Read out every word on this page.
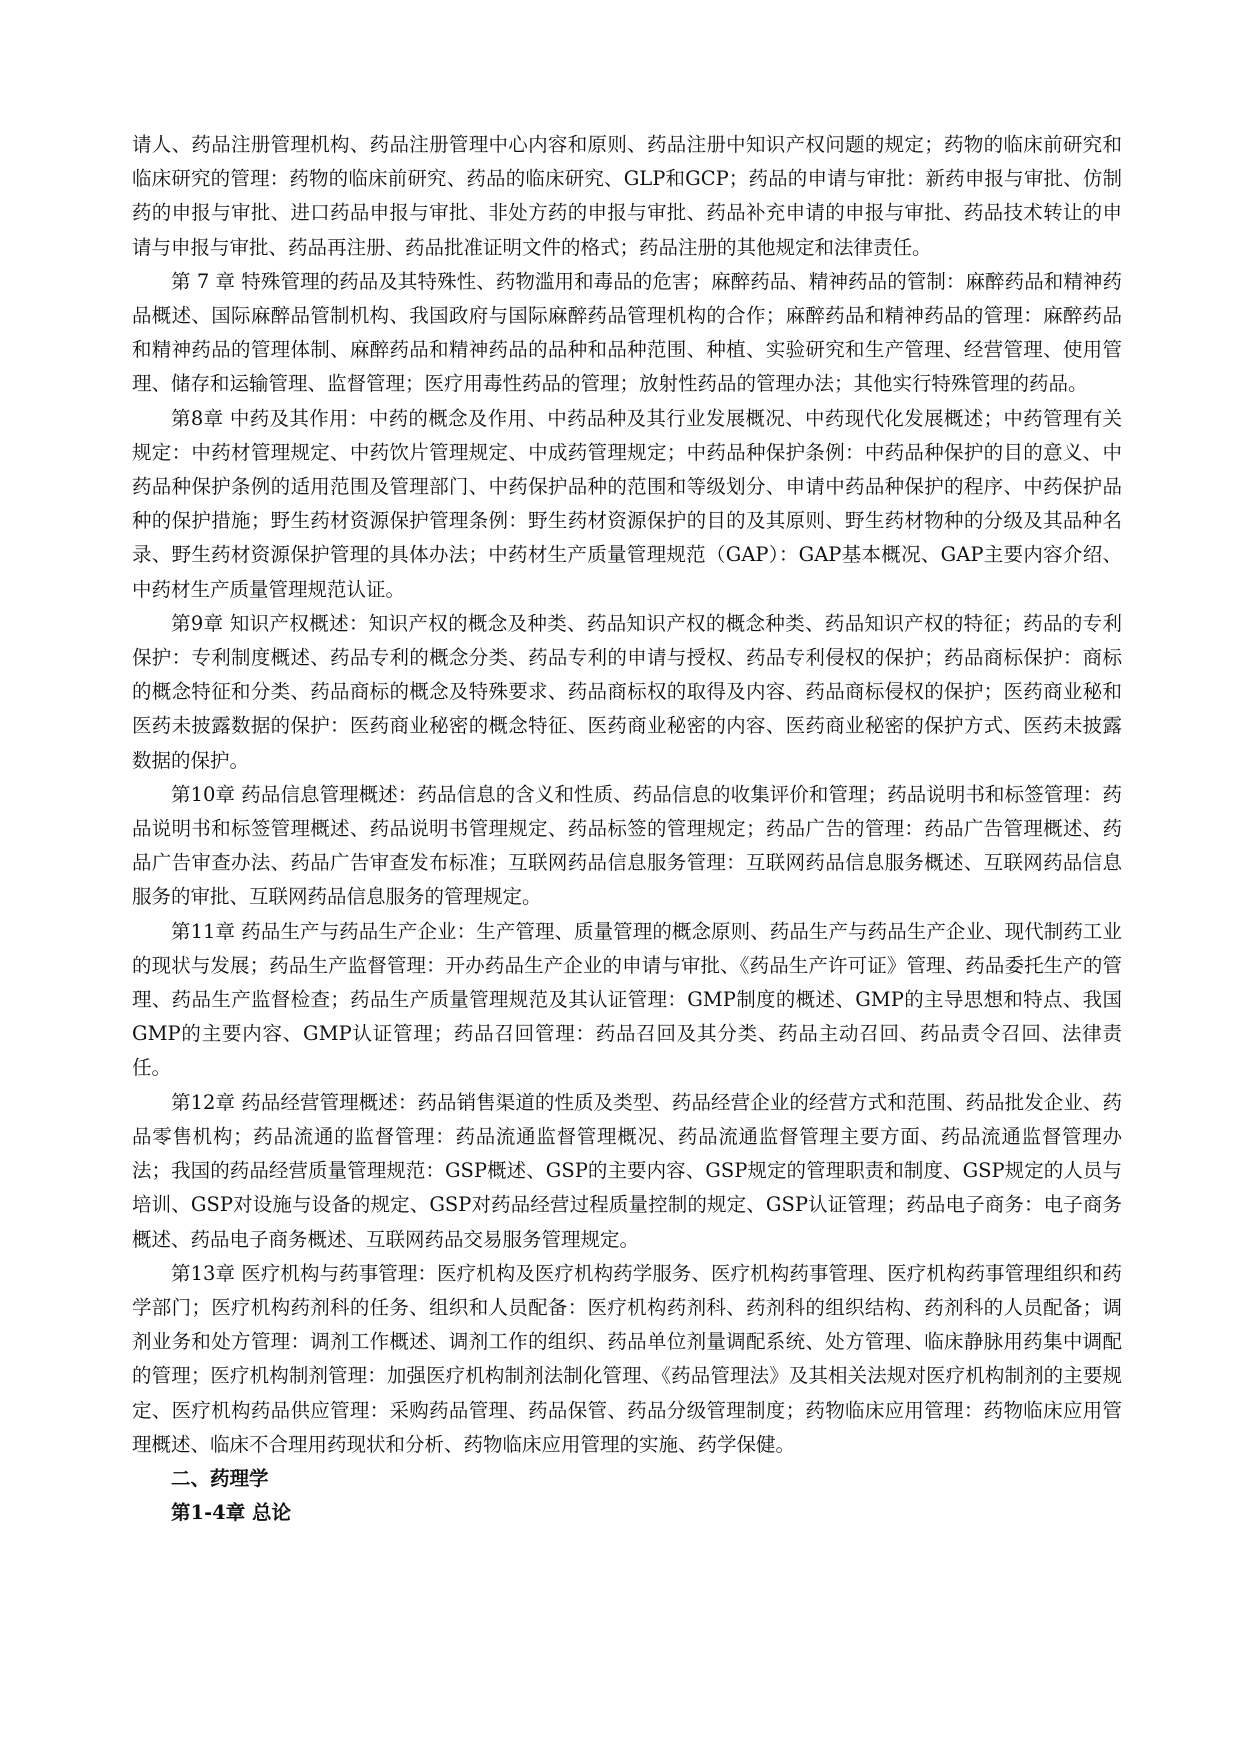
请人、药品注册管理机构、药品注册管理中心内容和原则、药品注册中知识产权问题的规定；药物的临床前研究和临床研究的管理：药物的临床前研究、药品的临床研究、GLP和GCP；药品的申请与审批：新药申报与审批、仿制药的申报与审批、进口药品申报与审批、非处方药的申报与审批、药品补充申请的申报与审批、药品技术转让的申请与申报与审批、药品再注册、药品批准证明文件的格式；药品注册的其他规定和法律责任。

第 7 章 特殊管理的药品及其特殊性、药物滥用和毒品的危害；麻醉药品、精神药品的管制：麻醉药品和精神药品概述、国际麻醉品管制机构、我国政府与国际麻醉药品管理机构的合作；麻醉药品和精神药品的管理：麻醉药品和精神药品的管理体制、麻醉药品和精神药品的品种和品种范围、种植、实验研究和生产管理、经营管理、使用管理、储存和运输管理、监督管理；医疗用毒性药品的管理；放射性药品的管理办法；其他实行特殊管理的药品。

第8章 中药及其作用：中药的概念及作用、中药品种及其行业发展概况、中药现代化发展概述；中药管理有关规定：中药材管理规定、中药饮片管理规定、中成药管理规定；中药品种保护条例：中药品种保护的目的意义、中药品种保护条例的适用范围及管理部门、中药保护品种的范围和等级划分、申请中药品种保护的程序、中药保护品种的保护措施；野生药材资源保护管理条例：野生药材资源保护的目的及其原则、野生药材物种的分级及其品种名录、野生药材资源保护管理的具体办法；中药材生产质量管理规范（GAP）：GAP基本概况、GAP主要内容介绍、中药材生产质量管理规范认证。

第9章 知识产权概述：知识产权的概念及种类、药品知识产权的概念种类、药品知识产权的特征；药品的专利保护：专利制度概述、药品专利的概念分类、药品专利的申请与授权、药品专利侵权的保护；药品商标保护：商标的概念特征和分类、药品商标的概念及特殊要求、药品商标权的取得及内容、药品商标侵权的保护；医药商业秘和医药未披露数据的保护：医药商业秘密的概念特征、医药商业秘密的内容、医药商业秘密的保护方式、医药未披露数据的保护。

第10章 药品信息管理概述：药品信息的含义和性质、药品信息的收集评价和管理；药品说明书和标签管理：药品说明书和标签管理概述、药品说明书管理规定、药品标签的管理规定；药品广告的管理：药品广告管理概述、药品广告审查办法、药品广告审查发布标准；互联网药品信息服务管理：互联网药品信息服务概述、互联网药品信息服务的审批、互联网药品信息服务的管理规定。

第11章 药品生产与药品生产企业：生产管理、质量管理的概念原则、药品生产与药品生产企业、现代制药工业的现状与发展；药品生产监督管理：开办药品生产企业的申请与审批、《药品生产许可证》管理、药品委托生产的管理、药品生产监督检查；药品生产质量管理规范及其认证管理：GMP制度的概述、GMP的主导思想和特点、我国GMP的主要内容、GMP认证管理；药品召回管理：药品召回及其分类、药品主动召回、药品责令召回、法律责任。

第12章 药品经营管理概述：药品销售渠道的性质及类型、药品经营企业的经营方式和范围、药品批发企业、药品零售机构；药品流通的监督管理：药品流通监督管理概况、药品流通监督管理主要方面、药品流通监督管理办法；我国的药品经营质量管理规范：GSP概述、GSP的主要内容、GSP规定的管理职责和制度、GSP规定的人员与培训、GSP对设施与设备的规定、GSP对药品经营过程质量控制的规定、GSP认证管理；药品电子商务：电子商务概述、药品电子商务概述、互联网药品交易服务管理规定。

第13章 医疗机构与药事管理：医疗机构及医疗机构药学服务、医疗机构药事管理、医疗机构药事管理组织和药学部门；医疗机构药剂科的任务、组织和人员配备：医疗机构药剂科、药剂科的组织结构、药剂科的人员配备；调剂业务和处方管理：调剂工作概述、调剂工作的组织、药品单位剂量调配系统、处方管理、临床静脉用药集中调配的管理；医疗机构制剂管理：加强医疗机构制剂法制化管理、《药品管理法》及其相关法规对医疗机构制剂的主要规定、医疗机构药品供应管理：采购药品管理、药品保管、药品分级管理制度；药物临床应用管理：药物临床应用管理概述、临床不合理用药现状和分析、药物临床应用管理的实施、药学保健。

二、药理学

第1-4章 总论
